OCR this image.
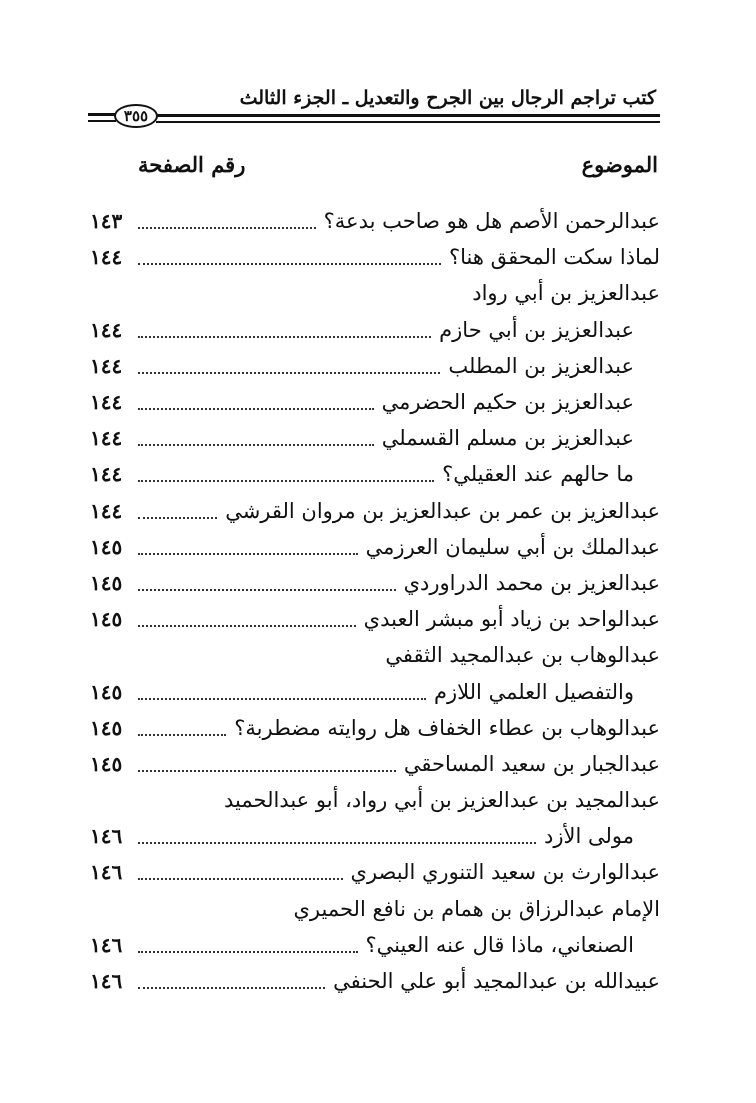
كتب تراجم الرجال بين الجرح والتعديل ـ الجزء الثالث
٣٥٥
الموضوع
رقم الصفحة
عبدالرحمن الأصم هل هو صاحب بدعة؟
١٤٣
لماذا سكت المحقق هنا؟
١٤٤
عبدالعزيز بن أبي رواد
عبدالعزيز بن أبي حازم
١٤٤
عبدالعزيز بن المطلب
١٤٤
عبدالعزيز بن حكيم الحضرمي
١٤٤
عبدالعزيز بن مسلم القسملي
١٤٤
ما حالهم عند العقيلي؟
١٤٤
عبدالعزيز بن عمر بن عبدالعزيز بن مروان القرشي
١٤٤
عبدالملك بن أبي سليمان العرزمي
١٤٥
عبدالعزيز بن محمد الدراوردي
١٤٥
عبدالواحد بن زياد أبو مبشر العبدي
١٤٥
عبدالوهاب بن عبدالمجيد الثقفي
والتفصيل العلمي اللازم
١٤٥
عبدالوهاب بن عطاء الخفاف هل روايته مضطربة؟
١٤٥
عبدالجبار بن سعيد المساحقي
١٤٥
عبدالمجيد بن عبدالعزيز بن أبي رواد، أبو عبدالحميد
مولى الأزد
١٤٦
عبدالوارث بن سعيد التنوري البصري
١٤٦
الإمام عبدالرزاق بن همام بن نافع الحميري
الصنعاني، ماذا قال عنه العيني؟
١٤٦
عبيدالله بن عبدالمجيد أبو علي الحنفي
١٤٦
